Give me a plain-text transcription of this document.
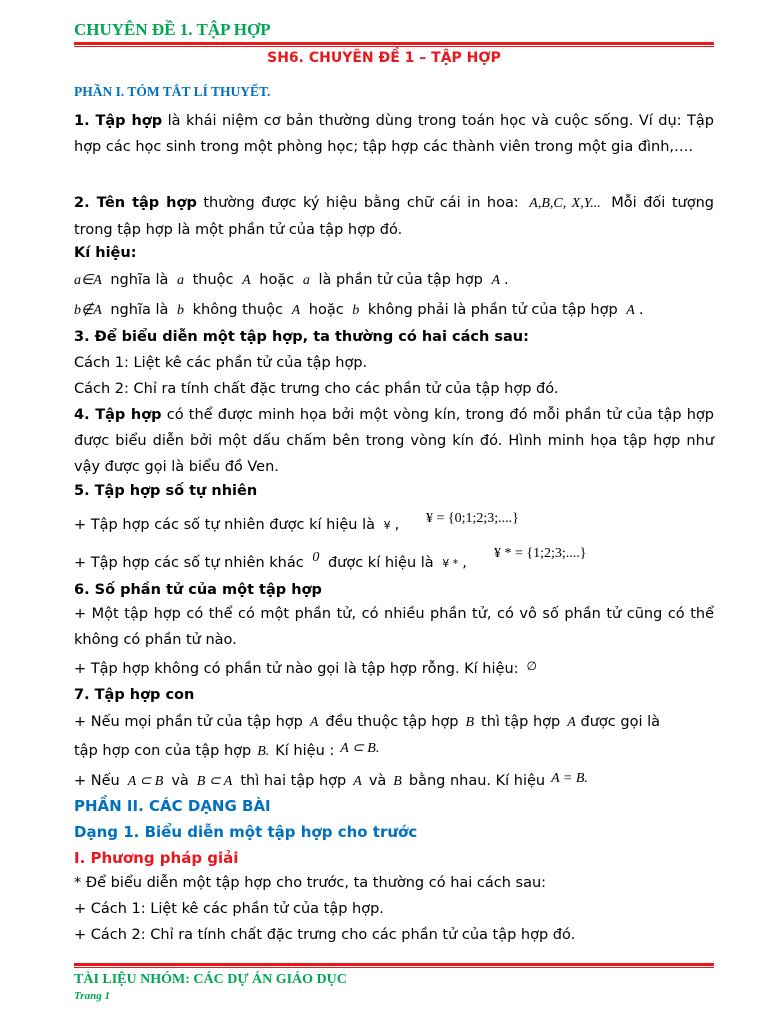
CHUYÊN ĐỀ 1. TẬP HỢP
SH6. CHUYÊN ĐỀ 1 – TẬP HỢP
PHẦN I. TÓM TẮT LÍ THUYẾT.
1. Tập hợp là khái niệm cơ bản thường dùng trong toán học và cuộc sống. Ví dụ: Tập hợp các học sinh trong một phòng học; tập hợp các thành viên trong một gia đình,….
2. Tên tập hợp thường được ký hiệu bằng chữ cái in hoa: A,B,C, X,Y... Mỗi đối tượng trong tập hợp là một phần tử của tập hợp đó.
Kí hiệu:
a∈A nghĩa là a thuộc A hoặc a là phần tử của tập hợp A .
b∉A nghĩa là b không thuộc A hoặc b không phải là phần tử của tập hợp A .
3. Để biểu diễn một tập hợp, ta thường có hai cách sau:
Cách 1: Liệt kê các phần tử của tập hợp.
Cách 2: Chỉ ra tính chất đặc trưng cho các phần tử của tập hợp đó.
4. Tập hợp có thể được minh họa bởi một vòng kín, trong đó mỗi phần tử của tập hợp được biểu diễn bởi một dấu chấm bên trong vòng kín đó. Hình minh họa tập hợp như vậy được gọi là biểu đồ Ven.
5. Tập hợp số tự nhiên
+ Tập hợp các số tự nhiên được kí hiệu là ¥ , ¥ = {0;1;2;3;....}
+ Tập hợp các số tự nhiên khác 0 được kí hiệu là ¥ * ,
¥ * = {1;2;3;....}
6. Số phần tử của một tập hợp
+ Một tập hợp có thể có một phần tử, có nhiều phần tử, có vô số phần tử cũng có thể không có phần tử nào.
+ Tập hợp không có phần tử nào gọi là tập hợp rỗng. Kí hiệu: ∅
7. Tập hợp con
+ Nếu mọi phần tử của tập hợp A đều thuộc tập hợp B thì tập hợp A được gọi là
tập hợp con của tập hợp B. Kí hiệu : A ⊂ B.
+ Nếu A ⊂ B và B ⊂ A thì hai tập hợp A và B bằng nhau. Kí hiệu A = B.
PHẦN II. CÁC DẠNG BÀI
Dạng 1. Biểu diễn một tập hợp cho trước
I. Phương pháp giải
* Để biểu diễn một tập hợp cho trước, ta thường có hai cách sau:
+ Cách 1: Liệt kê các phần tử của tập hợp.
+ Cách 2: Chỉ ra tính chất đặc trưng cho các phần tử của tập hợp đó.
TÀI LIỆU NHÓM: CÁC DỰ ÁN GIÁO DỤC
Trang 1
